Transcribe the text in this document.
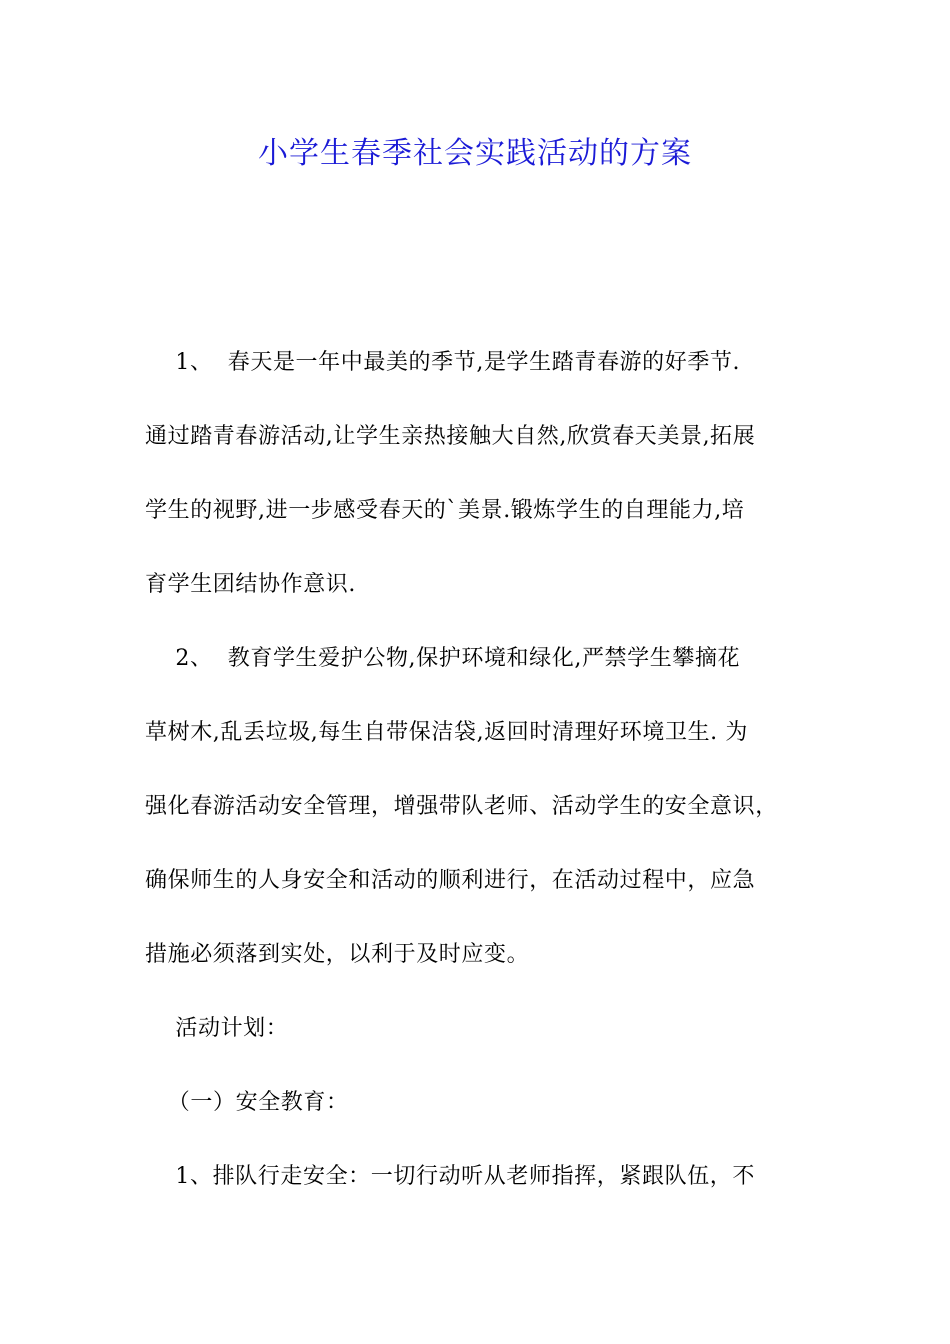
小学生春季社会实践活动的方案
1、  春天是一年中最美的季节,是学生踏青春游的好季节.
通过踏青春游活动,让学生亲热接触大自然,欣赏春天美景,拓展
学生的视野,进一步感受春天的`美景.锻炼学生的自理能力,培
育学生团结协作意识.
2、  教育学生爱护公物,保护环境和绿化,严禁学生攀摘花
草树木,乱丢垃圾,每生自带保洁袋,返回时清理好环境卫生. 为
强化春游活动安全管理，增强带队老师、活动学生的安全意识，
确保师生的人身安全和活动的顺利进行，在活动过程中，应急
措施必须落到实处，以利于及时应变。
活动计划：
（一）安全教育：
1、排队行走安全：一切行动听从老师指挥，紧跟队伍，不
